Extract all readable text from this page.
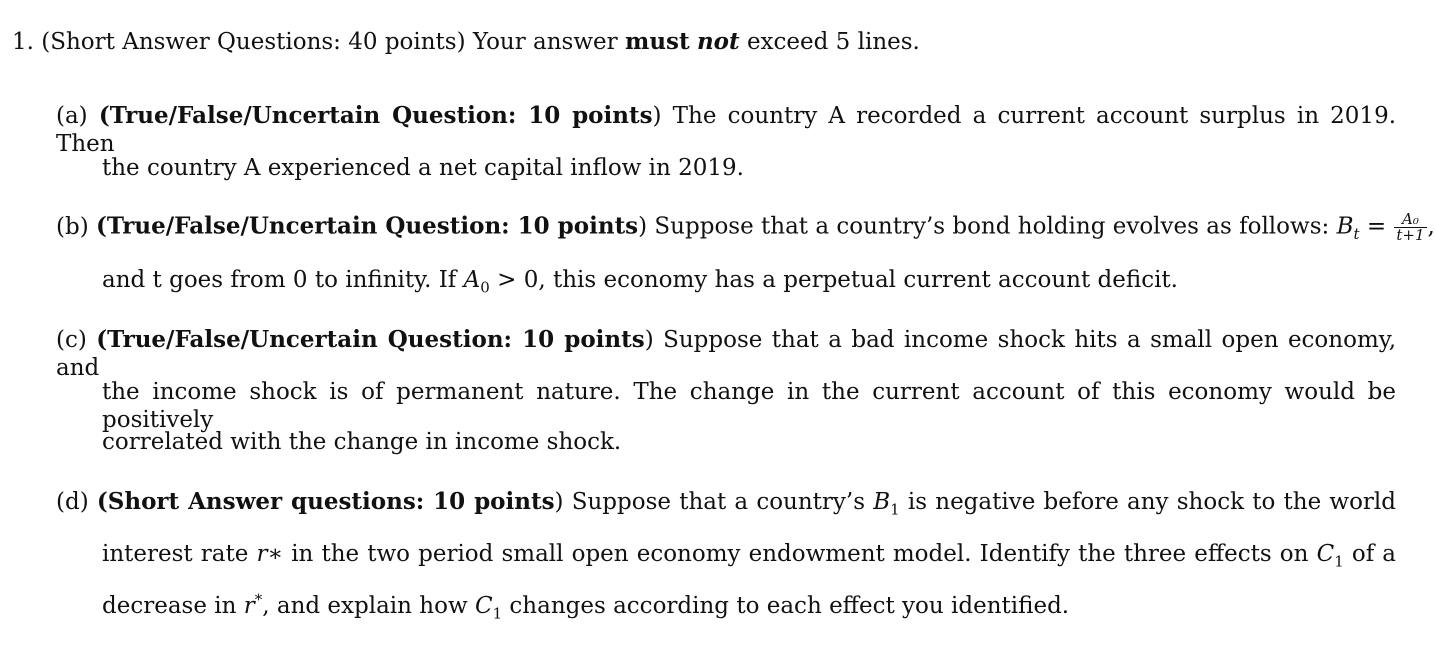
1. (Short Answer Questions: 40 points) Your answer must not exceed 5 lines.
(a) (True/False/Uncertain Question: 10 points) The country A recorded a current account surplus in 2019. Then
the country A experienced a net capital inflow in 2019.
(b) (True/False/Uncertain Question: 10 points) Suppose that a country’s bond holding evolves as follows: $B_t = \frac{\text{A₀}}{t+1}$ ,
and t goes from 0 to infinity. If $A_0 > 0$, this economy has a perpetual current account deficit.
(c) (True/False/Uncertain Question: 10 points) Suppose that a bad income shock hits a small open economy, and
the income shock is of permanent nature. The change in the current account of this economy would be positively
correlated with the change in income shock.
(d) (Short Answer questions: 10 points) Suppose that a country’s $B_1$ is negative before any shock to the world
interest rate r∗ in the two period small open economy endowment model. Identify the three effects on $C_1$ of a
decrease in r*, and explain how $C_1$ changes according to each effect you identified.
